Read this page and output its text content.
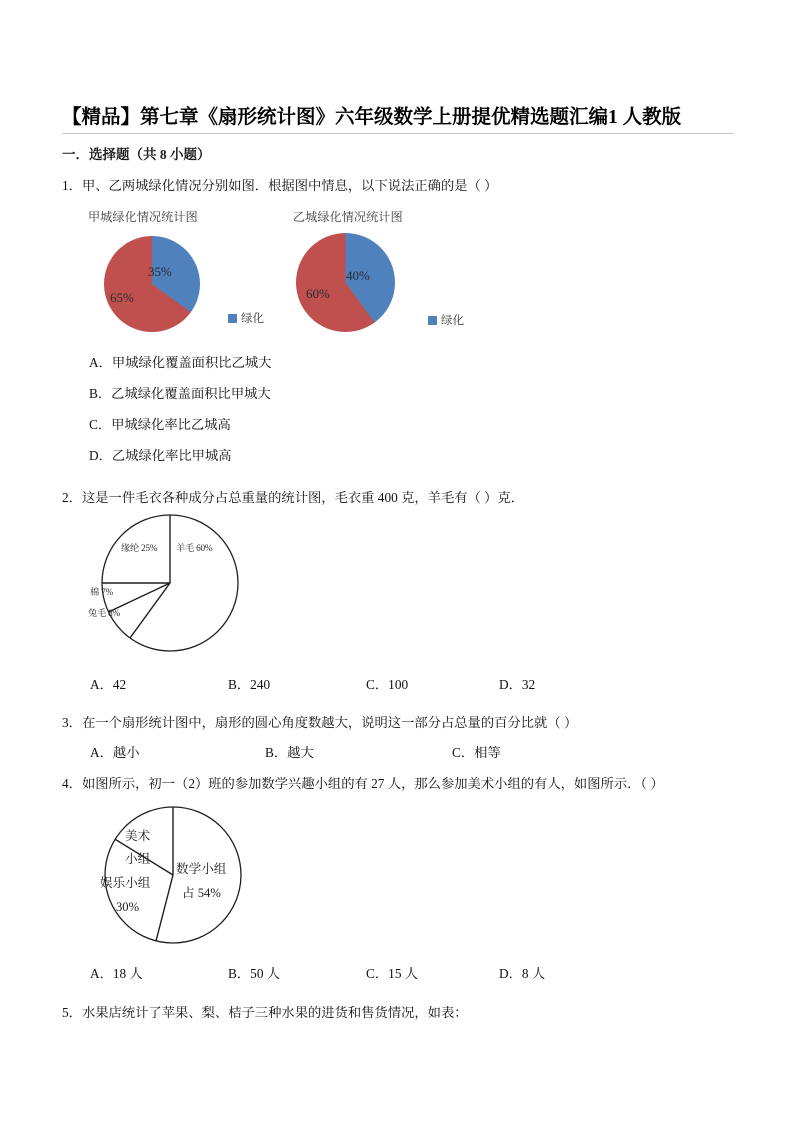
【精品】第七章《扇形统计图》六年级数学上册提优精选题汇编1 人教版
一．选择题（共 8 小题）
1．甲、乙两城绿化情况分别如图．根据图中情息，以下说法正确的是（ ）
甲城绿化情况统计图
35%
65%
绿化
乙城绿化情况统计图
40%
60%
绿化
A．甲城绿化覆盖面积比乙城大
B．乙城绿化覆盖面积比甲城大
C．甲城绿化率比乙城高
D．乙城绿化率比甲城高
2．这是一件毛衣各种成分占总重量的统计图，毛衣重 400 克，羊毛有（ ）克．
缘纶 25% 羊毛 60%
棉 7%
兔毛 8%
A．42	B．240	C．100	D．32
3．在一个扇形统计图中，扇形的圆心角度数越大，说明这一部分占总量的百分比就（ ）
A．越小	B．越大	C．相等
4．如图所示，初一（2）班的参加数学兴趣小组的有 27 人，那么参加美术小组的有人，如图所示．（ ）
美术
小组
娱乐小组
30%
数学小组
占 54%
A．18 人	B．50 人	C．15 人	D．8 人
5．水果店统计了苹果、梨、桔子三种水果的进货和售货情况，如表：
